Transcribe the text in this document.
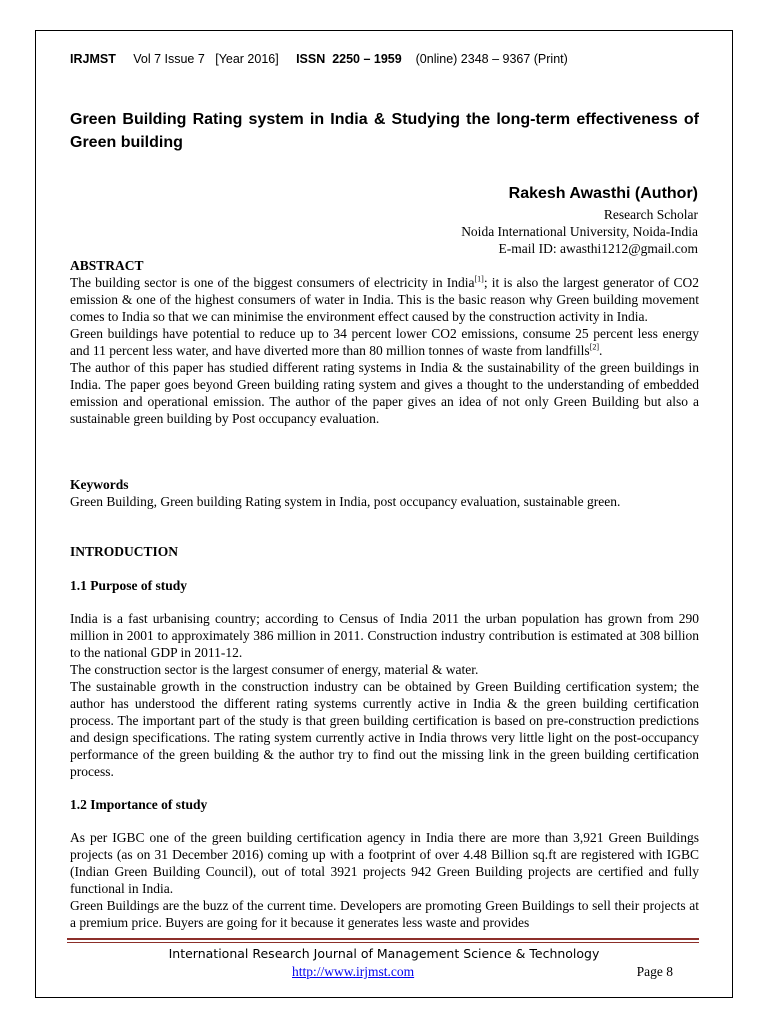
IRJMST Vol 7 Issue 7 [Year 2016] ISSN  2250 – 1959 (0nline) 2348 – 9367 (Print)
Green Building Rating system in India & Studying the long-term effectiveness of Green building
Rakesh Awasthi (Author)
Research Scholar
Noida International University, Noida-India
E-mail ID: awasthi1212@gmail.com

ABSTRACT

The building sector is one of the biggest consumers of electricity in India[1]; it is also the largest generator of CO2 emission & one of the highest consumers of water in India. This is the basic reason why Green building movement comes to India so that we can minimise the environment effect caused by the construction activity in India.

Green buildings have potential to reduce up to 34 percent lower CO2 emissions, consume 25 percent less energy and 11 percent less water, and have diverted more than 80 million tonnes of waste from landfills[2].

The author of this paper has studied different rating systems in India & the sustainability of the green buildings in India. The paper goes beyond Green building rating system and gives a thought to the understanding of embedded emission and operational emission. The author of the paper gives an idea of not only Green Building but also a sustainable green building by Post occupancy evaluation.

Keywords

Green Building, Green building Rating system in India, post occupancy evaluation, sustainable green.

INTRODUCTION

1.1 Purpose of study

India is a fast urbanising country; according to Census of India 2011 the urban population has grown from 290 million in 2001 to approximately 386 million in 2011. Construction industry contribution is estimated at 308 billion to the national GDP in 2011-12.

The construction sector is the largest consumer of energy, material & water.

The sustainable growth in the construction industry can be obtained by Green Building certification system; the author has understood the different rating systems currently active in India & the green building certification process. The important part of the study is that green building certification is based on pre-construction predictions and design specifications. The rating system currently active in India throws very little light on the post-occupancy performance of the green building & the author try to find out the missing link in the green building certification process.

1.2 Importance of study

As per IGBC one of the green building certification agency in India there are more than 3,921 Green Buildings projects (as on 31 December 2016) coming up with a footprint of over 4.48 Billion sq.ft are registered with IGBC (Indian Green Building Council), out of total 3921 projects 942 Green Building projects are certified and fully functional in India.

Green Buildings are the buzz of the current time. Developers are promoting Green Buildings to sell their projects at a premium price. Buyers are going for it because it generates less waste and provides

International Research Journal of Management Science & Technology
http://www.irjmst.com	Page 8
